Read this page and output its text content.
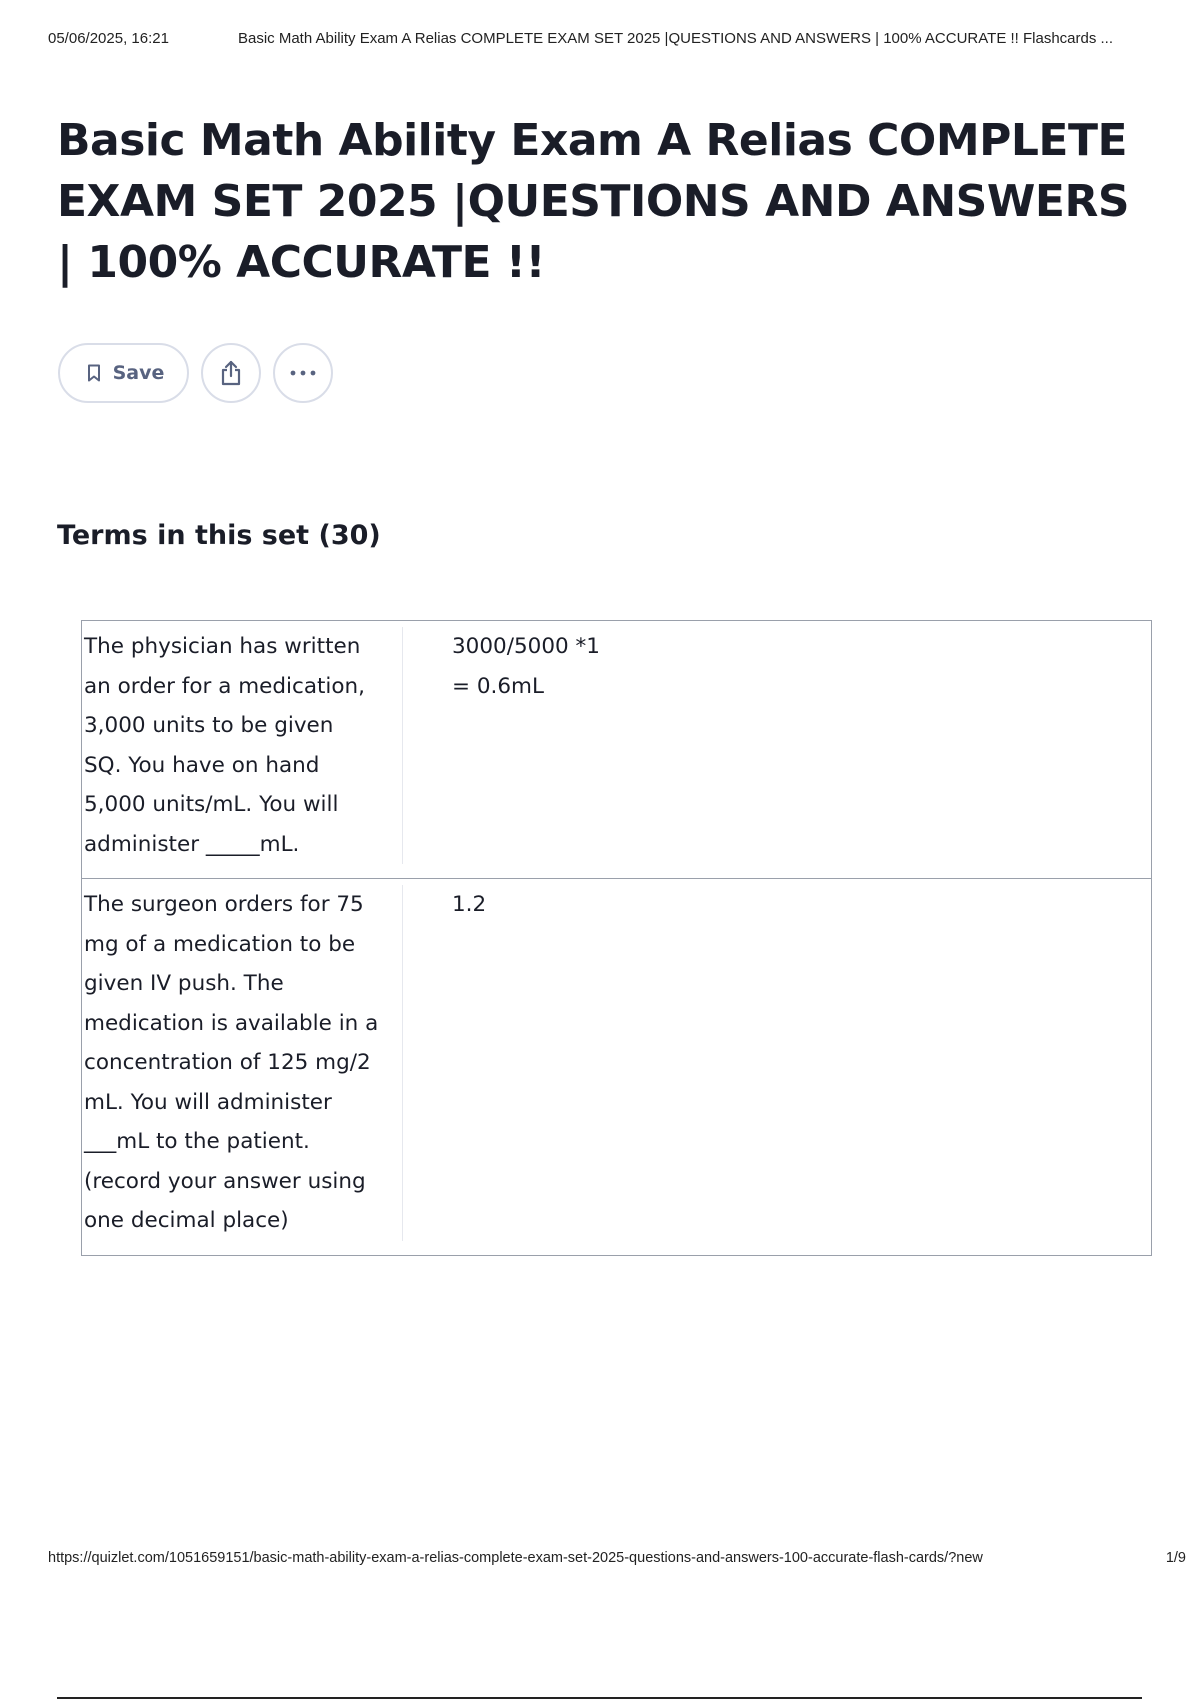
05/06/2025, 16:21	Basic Math Ability Exam A Relias COMPLETE EXAM SET 2025 |QUESTIONS AND ANSWERS | 100% ACCURATE !! Flashcards ...
Basic Math Ability Exam A Relias COMPLETE EXAM SET 2025 |QUESTIONS AND ANSWERS | 100% ACCURATE !!
Save
Terms in this set (30)
The physician has written
an order for a medication,
3,000 units to be given
SQ. You have on hand
5,000 units/mL. You will
administer _____mL.
3000/5000 *1
= 0.6mL
The surgeon orders for 75
mg of a medication to be
given IV push. The
medication is available in a
concentration of 125 mg/2
mL. You will administer
___mL to the patient.
(record your answer using
one decimal place)
1.2
https://quizlet.com/1051659151/basic-math-ability-exam-a-relias-complete-exam-set-2025-questions-and-answers-100-accurate-flash-cards/?new	1/9
